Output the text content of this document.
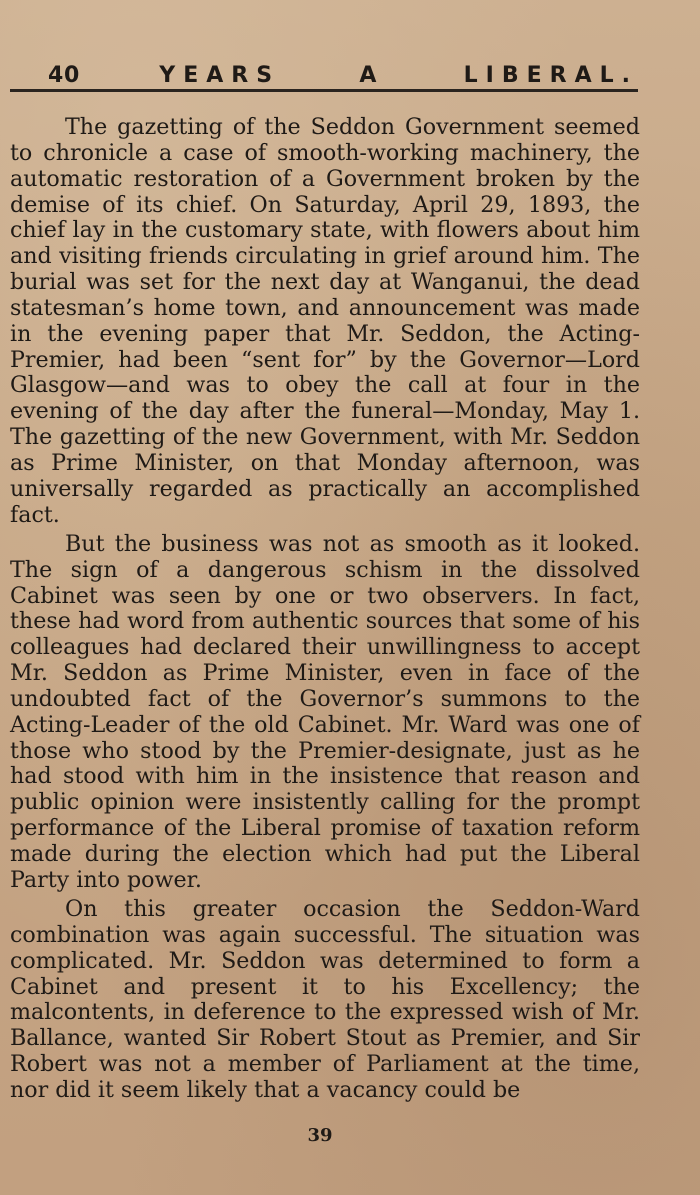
40	YEARS	A	LIBERAL.

The gazetting of the Seddon Government seemed to chronicle a case of smooth-working machinery, the automatic restoration of a Government broken by the demise of its chief. On Saturday, April 29, 1893, the chief lay in the customary state, with flowers about him and visiting friends circulating in grief around him. The burial was set for the next day at Wanganui, the dead statesman’s home town, and announcement was made in the evening paper that Mr. Seddon, the Acting-Premier, had been “sent for” by the Governor—Lord Glasgow—and was to obey the call at four in the evening of the day after the funeral—Monday, May 1. The gazetting of the new Government, with Mr. Seddon as Prime Minister, on that Monday afternoon, was universally regarded as practically an accomplished fact.

But the business was not as smooth as it looked. The sign of a dangerous schism in the dissolved Cabinet was seen by one or two observers. In fact, these had word from authentic sources that some of his colleagues had declared their unwillingness to accept Mr. Seddon as Prime Minister, even in face of the undoubted fact of the Governor’s summons to the Acting-Leader of the old Cabinet. Mr. Ward was one of those who stood by the Premier-designate, just as he had stood with him in the insistence that reason and public opinion were insistently calling for the prompt performance of the Liberal promise of taxation reform made during the election which had put the Liberal Party into power.

On this greater occasion the Seddon-Ward combination was again successful. The situation was complicated. Mr. Seddon was determined to form a Cabinet and present it to his Excellency; the malcontents, in deference to the expressed wish of Mr. Ballance, wanted Sir Robert Stout as Premier, and Sir Robert was not a member of Parliament at the time, nor did it seem likely that a vacancy could be

39
